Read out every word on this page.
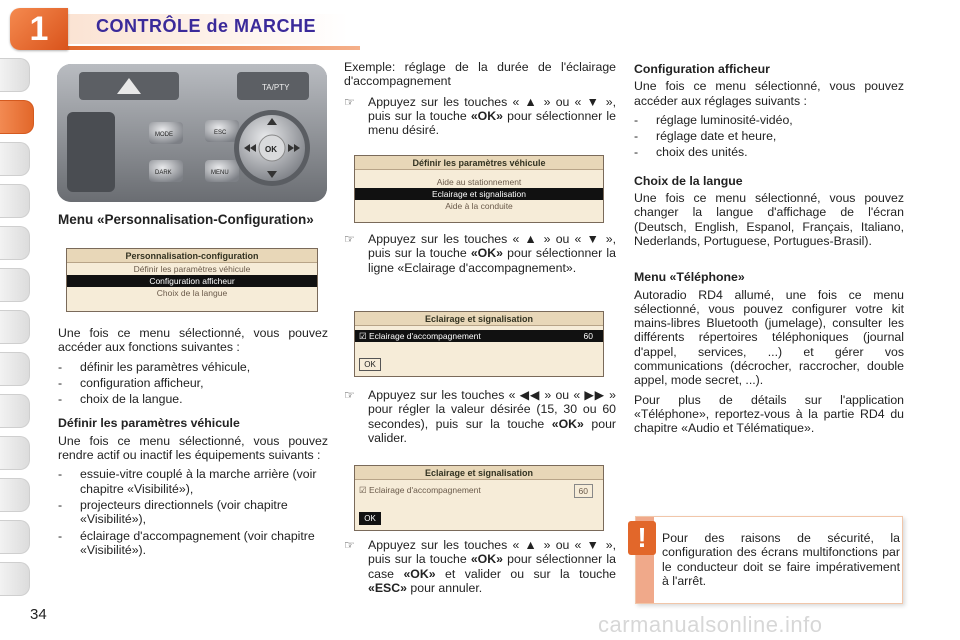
1	CONTRÔLE de MARCHE
TA/PTY
MODE
DARK
ESC
MENU
OK
Menu «Personnalisation-Configuration»
Personnalisation-configuration
Définir les paramètres véhicule
Configuration afficheur
Choix de la langue

Une fois ce menu sélectionné, vous pouvez accéder aux fonctions suivantes :

- définir les paramètres véhicule,
- configuration afficheur,
- choix de la langue.
Définir les paramètres véhicule

Une fois ce menu sélectionné, vous pouvez rendre actif ou inactif les équipements suivants :

- essuie-vitre couplé à la marche arrière (voir chapitre «Visibilité»),
- projecteurs directionnels (voir chapitre «Visibilité»),
- éclairage d'accompagnement (voir chapitre «Visibilité»).

Exemple: réglage de la durée de l'éclairage d'accompagnement

☞ Appuyez sur les touches « ▲ » ou « ▼ », puis sur la touche «OK» pour sélectionner le menu désiré.
Définir les paramètres véhicule
Aide au stationnement
Eclairage et signalisation
Aide à la conduite
☞ Appuyez sur les touches « ▲ » ou « ▼ », puis sur la touche «OK» pour sélectionner la ligne «Eclairage d'accompagnement».
Eclairage et signalisation
☑ Eclairage d'accompagnement	60
OK
☞ Appuyez sur les touches « ◀◀ » ou « ▶▶ » pour régler la valeur désirée (15, 30 ou 60 secondes), puis sur la touche «OK» pour valider.
Eclairage et signalisation
☑ Eclairage d'accompagnement	60
OK
☞ Appuyez sur les touches « ▲ » ou « ▼ », puis sur la touche «OK» pour sélectionner la case «OK» et valider ou sur la touche «ESC» pour annuler.
Configuration afficheur

Une fois ce menu sélectionné, vous pouvez accéder aux réglages suivants :

- réglage luminosité-vidéo,
- réglage date et heure,
- choix des unités.
Choix de la langue

Une fois ce menu sélectionné, vous pouvez changer la langue d'affichage de l'écran (Deutsch, English, Espanol, Français, Italiano, Nederlands, Portuguese, Portugues-Brasil).

Menu «Téléphone»

Autoradio RD4 allumé, une fois ce menu sélectionné, vous pouvez configurer votre kit mains-libres Bluetooth (jumelage), consulter les différents répertoires téléphoniques (journal d'appel, services, ...) et gérer vos communications (décrocher, raccrocher, double appel, mode secret, ...).

Pour plus de détails sur l'application «Téléphone», reportez-vous à la partie RD4 du chapitre «Audio et Télématique».

!	Pour des raisons de sécurité, la configuration des écrans multifonctions par le conducteur doit se faire impérativement à l'arrêt.
34	carmanualsonline.info
